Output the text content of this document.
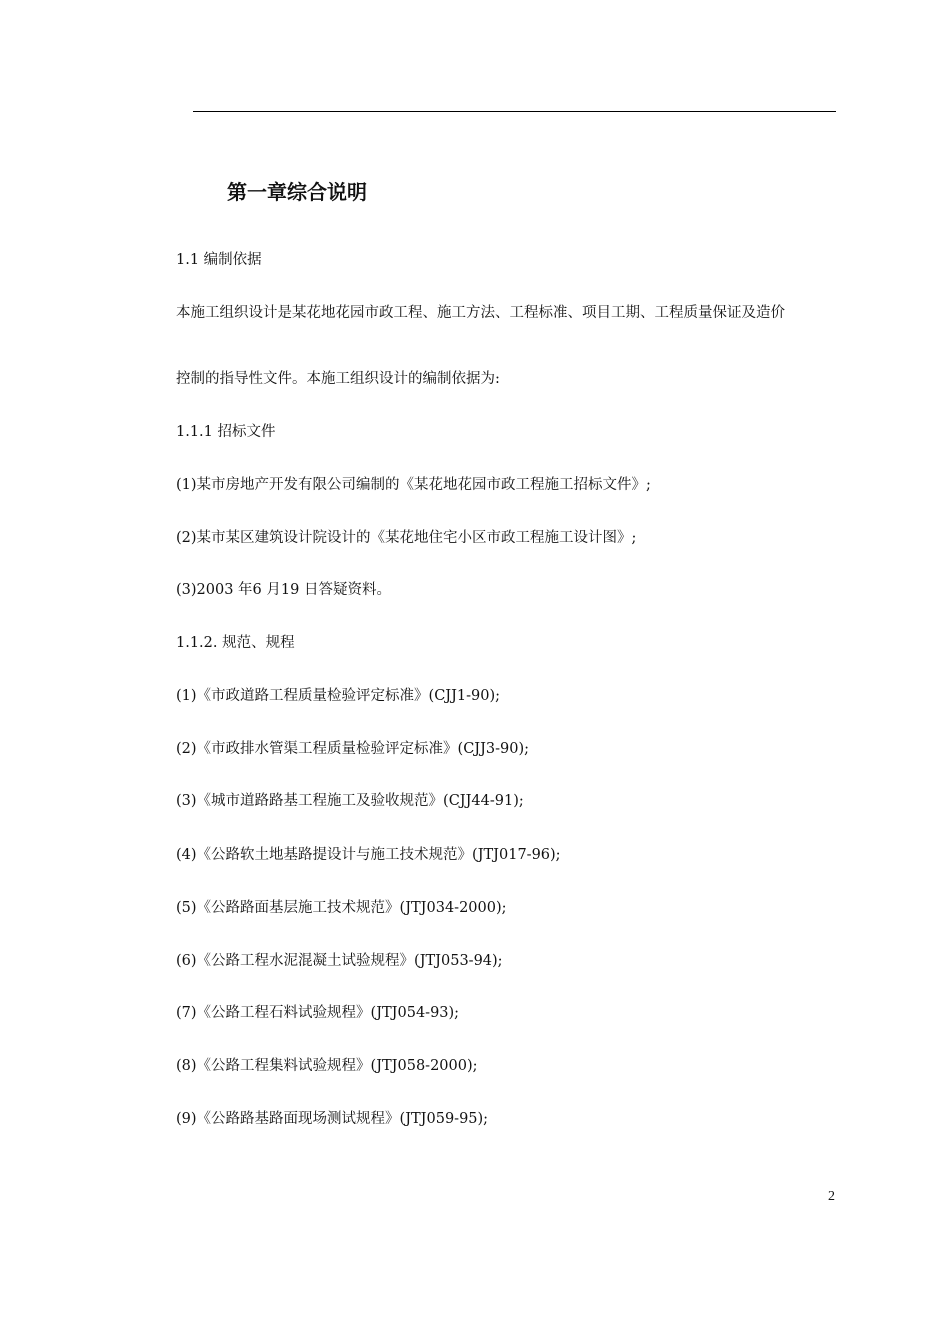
第一章综合说明
1.1 编制依据
本施工组织设计是某花地花园市政工程、施工方法、工程标准、项目工期、工程质量保证及造价
控制的指导性文件。本施工组织设计的编制依据为:
1.1.1 招标文件
(1)某市房地产开发有限公司编制的《某花地花园市政工程施工招标文件》;
(2)某市某区建筑设计院设计的《某花地住宅小区市政工程施工设计图》;
(3)2003 年6 月19 日答疑资料。
1.1.2. 规范、规程
(1)《市政道路工程质量检验评定标准》(CJJ1-90);
(2)《市政排水管渠工程质量检验评定标准》(CJJ3-90);
(3)《城市道路路基工程施工及验收规范》(CJJ44-91);
(4)《公路软土地基路提设计与施工技术规范》(JTJ017-96);
(5)《公路路面基层施工技术规范》(JTJ034-2000);
(6)《公路工程水泥混凝土试验规程》(JTJ053-94);
(7)《公路工程石料试验规程》(JTJ054-93);
(8)《公路工程集料试验规程》(JTJ058-2000);
(9)《公路路基路面现场测试规程》(JTJ059-95);
2
